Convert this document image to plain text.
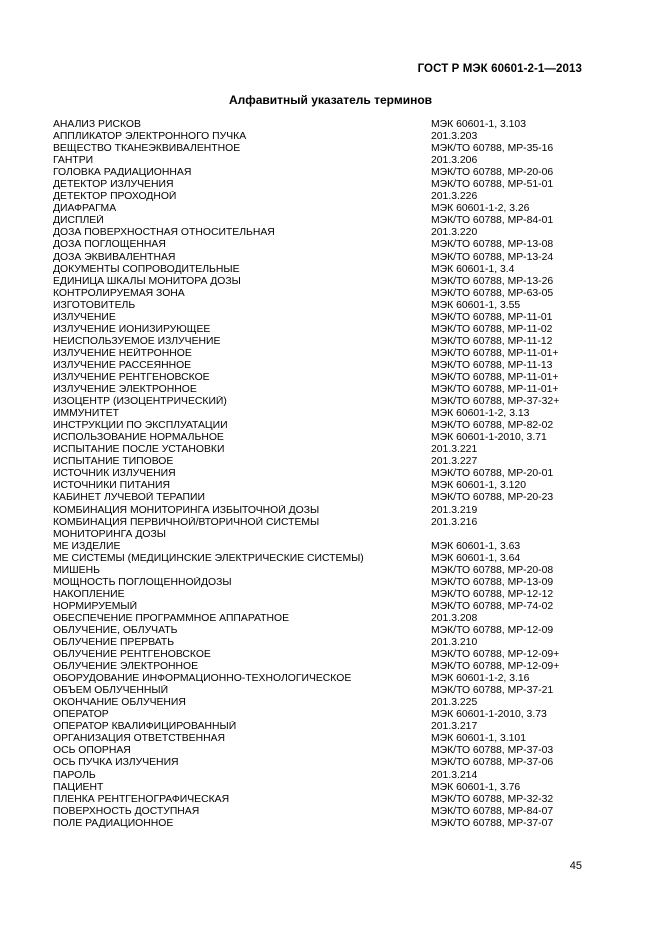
ГОСТ Р МЭК 60601-2-1—2013
Алфавитный указатель терминов
АНАЛИЗ РИСКОВ	МЭК 60601-1, 3.103
АППЛИКАТОР ЭЛЕКТРОННОГО ПУЧКА	201.3.203
ВЕЩЕСТВО ТКАНЕЭКВИВАЛЕНТНОЕ	МЭК/ТО 60788, МР-35-16
ГАНТРИ	201.3.206
ГОЛОВКА РАДИАЦИОННАЯ	МЭК/ТО 60788, МР-20-06
ДЕТЕКТОР ИЗЛУЧЕНИЯ	МЭК/ТО 60788, МР-51-01
ДЕТЕКТОР ПРОХОДНОЙ	201.3.226
ДИАФРАГМА	МЭК 60601-1-2, 3.26
ДИСПЛЕЙ	МЭК/ТО 60788, МР-84-01
ДОЗА ПОВЕРХНОСТНАЯ ОТНОСИТЕЛЬНАЯ	201.3.220
ДОЗА ПОГЛОЩЕННАЯ	МЭК/ТО 60788, МР-13-08
ДОЗА ЭКВИВАЛЕНТНАЯ	МЭК/ТО 60788, МР-13-24
ДОКУМЕНТЫ СОПРОВОДИТЕЛЬНЫЕ	МЭК 60601-1, 3.4
ЕДИНИЦА ШКАЛЫ МОНИТОРА ДОЗЫ	МЭК/ТО 60788, МР-13-26
КОНТРОЛИРУЕМАЯ ЗОНА	МЭК/ТО 60788, МР-63-05
ИЗГОТОВИТЕЛЬ	МЭК 60601-1, 3.55
ИЗЛУЧЕНИЕ	МЭК/ТО 60788, МР-11-01
ИЗЛУЧЕНИЕ ИОНИЗИРУЮЩЕЕ	МЭК/ТО 60788, МР-11-02
НЕИСПОЛЬЗУЕМОЕ ИЗЛУЧЕНИЕ	МЭК/ТО 60788, МР-11-12
ИЗЛУЧЕНИЕ НЕЙТРОННОЕ	МЭК/ТО 60788, МР-11-01+
ИЗЛУЧЕНИЕ РАССЕЯННОЕ	МЭК/ТО 60788, МР-11-13
ИЗЛУЧЕНИЕ РЕНТГЕНОВСКОЕ	МЭК/ТО 60788, МР-11-01+
ИЗЛУЧЕНИЕ ЭЛЕКТРОННОЕ	МЭК/ТО 60788, МР-11-01+
ИЗОЦЕНТР (ИЗОЦЕНТРИЧЕСКИЙ)	МЭК/ТО 60788, МР-37-32+
ИММУНИТЕТ	МЭК 60601-1-2, 3.13
ИНСТРУКЦИИ ПО ЭКСПЛУАТАЦИИ	МЭК/ТО 60788, МР-82-02
ИСПОЛЬЗОВАНИЕ НОРМАЛЬНОЕ	МЭК 60601-1-2010, 3.71
ИСПЫТАНИЕ ПОСЛЕ УСТАНОВКИ	201.3.221
ИСПЫТАНИЕ ТИПОВОЕ	201.3.227
ИСТОЧНИК ИЗЛУЧЕНИЯ	МЭК/ТО 60788, МР-20-01
ИСТОЧНИКИ ПИТАНИЯ	МЭК 60601-1, 3.120
КАБИНЕТ ЛУЧЕВОЙ ТЕРАПИИ	МЭК/ТО 60788, МР-20-23
КОМБИНАЦИЯ МОНИТОРИНГА ИЗБЫТОЧНОЙ ДОЗЫ	201.3.219
КОМБИНАЦИЯ ПЕРВИЧНОЙ/ВТОРИЧНОЙ СИСТЕМЫ	201.3.216
МОНИТОРИНГА ДОЗЫ
МЕ ИЗДЕЛИЕ	МЭК 60601-1, 3.63
МЕ СИСТЕМЫ (МЕДИЦИНСКИЕ ЭЛЕКТРИЧЕСКИЕ СИСТЕМЫ)	МЭК 60601-1, 3.64
МИШЕНЬ	МЭК/ТО 60788, МР-20-08
МОЩНОСТЬ ПОГЛОЩЕННОЙДОЗЫ	МЭК/ТО 60788, МР-13-09
НАКОПЛЕНИЕ	МЭК/ТО 60788, МР-12-12
НОРМИРУЕМЫЙ	МЭК/ТО 60788, МР-74-02
ОБЕСПЕЧЕНИЕ ПРОГРАММНОЕ АППАРАТНОЕ	201.3.208
ОБЛУЧЕНИЕ, ОБЛУЧАТЬ	МЭК/ТО 60788, МР-12-09
ОБЛУЧЕНИЕ ПРЕРВАТЬ	201.3.210
ОБЛУЧЕНИЕ РЕНТГЕНОВСКОЕ	МЭК/ТО 60788, МР-12-09+
ОБЛУЧЕНИЕ ЭЛЕКТРОННОЕ	МЭК/ТО 60788, МР-12-09+
ОБОРУДОВАНИЕ ИНФОРМАЦИОННО-ТЕХНОЛОГИЧЕСКОЕ	МЭК 60601-1-2, 3.16
ОБЪЕМ ОБЛУЧЕННЫЙ	МЭК/ТО 60788, МР-37-21
ОКОНЧАНИЕ ОБЛУЧЕНИЯ	201.3.225
ОПЕРАТОР	МЭК 60601-1-2010, 3.73
ОПЕРАТОР КВАЛИФИЦИРОВАННЫЙ	201.3.217
ОРГАНИЗАЦИЯ ОТВЕТСТВЕННАЯ	МЭК 60601-1, 3.101
ОСЬ ОПОРНАЯ	МЭК/ТО 60788, МР-37-03
ОСЬ ПУЧКА ИЗЛУЧЕНИЯ	МЭК/ТО 60788, МР-37-06
ПАРОЛЬ	201.3.214
ПАЦИЕНТ	МЭК 60601-1, 3.76
ПЛЕНКА РЕНТГЕНОГРАФИЧЕСКАЯ	МЭК/ТО 60788, МР-32-32
ПОВЕРХНОСТЬ ДОСТУПНАЯ	МЭК/ТО 60788, МР-84-07
ПОЛЕ РАДИАЦИОННОЕ	МЭК/ТО 60788, МР-37-07
45
